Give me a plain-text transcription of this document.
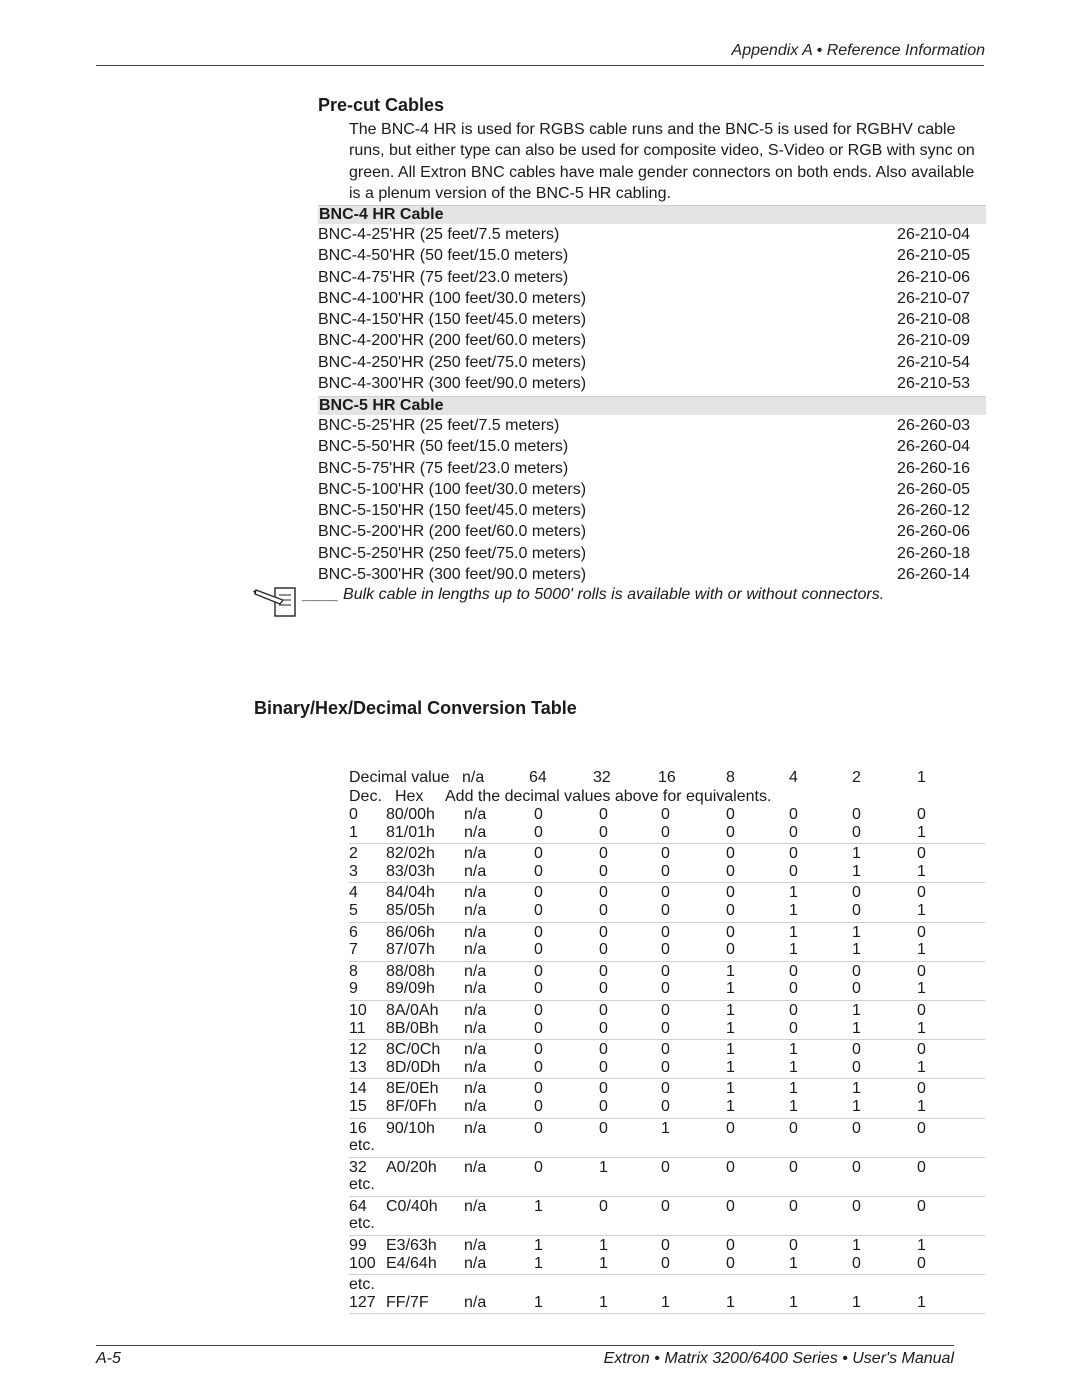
Appendix A • Reference Information
Pre-cut Cables

The BNC-4 HR is used for RGBS cable runs and the BNC-5 is used for RGBHV cable runs, but either type can also be used for composite video, S-Video or RGB with sync on green. All Extron BNC cables have male gender connectors on both ends. Also available is a plenum version of the BNC-5 HR cabling.

BNC-4 HR Cable
BNC-4-25'HR (25 feet/7.5 meters)	26-210-04
BNC-4-50'HR (50 feet/15.0 meters)	26-210-05
BNC-4-75'HR (75 feet/23.0 meters)	26-210-06
BNC-4-100'HR (100 feet/30.0 meters)	26-210-07
BNC-4-150'HR (150 feet/45.0 meters)	26-210-08
BNC-4-200'HR (200 feet/60.0 meters)	26-210-09
BNC-4-250'HR (250 feet/75.0 meters)	26-210-54
BNC-4-300'HR (300 feet/90.0 meters)	26-210-53
BNC-5 HR Cable
BNC-5-25'HR (25 feet/7.5 meters)	26-260-03
BNC-5-50'HR (50 feet/15.0 meters)	26-260-04
BNC-5-75'HR (75 feet/23.0 meters)	26-260-16
BNC-5-100'HR (100 feet/30.0 meters)	26-260-05
BNC-5-150'HR (150 feet/45.0 meters)	26-260-12
BNC-5-200'HR (200 feet/60.0 meters)	26-260-06
BNC-5-250'HR (250 feet/75.0 meters)	26-260-18
BNC-5-300'HR (300 feet/90.0 meters)	26-260-14
____ Bulk cable in lengths up to 5000' rolls is available with or without connectors.
Binary/Hex/Decimal Conversion Table
Decimal value n/a	64	32	16	8	4	2	1
Dec. Hex Add the decimal values above for equivalents.
0 80/00h n/a	0	0	0	0	0	0	0
1 81/01h n/a	0	0	0	0	0	0	1
2 82/02h n/a	0	0	0	0	0	1	0
3 83/03h n/a	0	0	0	0	0	1	1
4 84/04h n/a	0	0	0	0	1	0	0
5 85/05h n/a	0	0	0	0	1	0	1
6 86/06h n/a	0	0	0	0	1	1	0
7 87/07h n/a	0	0	0	0	1	1	1
8 88/08h n/a	0	0	0	1	0	0	0
9 89/09h n/a	0	0	0	1	0	0	1
10 8A/0Ah n/a	0	0	0	1	0	1	0
11 8B/0Bh n/a	0	0	0	1	0	1	1
12 8C/0Ch n/a	0	0	0	1	1	0	0
13 8D/0Dh n/a	0	0	0	1	1	0	1
14 8E/0Eh n/a	0	0	0	1	1	1	0
15 8F/0Fh n/a	0	0	0	1	1	1	1
16 90/10h n/a	0	0	1	0	0	0	0
etc.
32 A0/20h n/a	0	1	0	0	0	0	0
etc.
64 C0/40h n/a	1	0	0	0	0	0	0
etc.
99 E3/63h n/a	1	1	0	0	0	1	1
100 E4/64h n/a	1	1	0	0	1	0	0
etc.
127 FF/7F n/a	1	1	1	1	1	1	1
A-5	Extron • Matrix 3200/6400 Series • User's Manual
